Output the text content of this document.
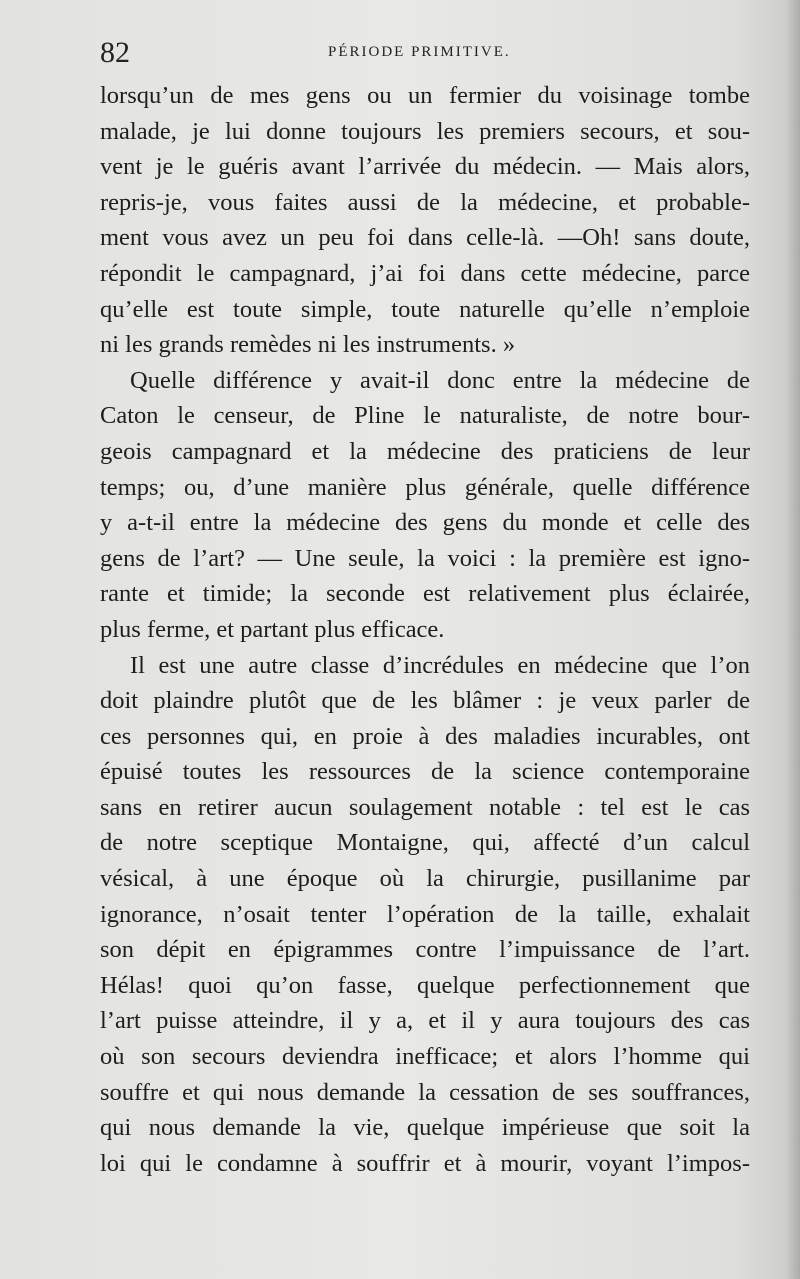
82	PÉRIODE PRIMITIVE.
lorsqu’un de mes gens ou un fermier du voisinage tombe
malade, je lui donne toujours les premiers secours, et sou-
vent je le guéris avant l’arrivée du médecin. — Mais alors,
repris-je, vous faites aussi de la médecine, et probable-
ment vous avez un peu foi dans celle-là. —Oh! sans doute,
répondit le campagnard, j’ai foi dans cette médecine, parce
qu’elle est toute simple, toute naturelle qu’elle n’emploie
ni les grands remèdes ni les instruments. »
Quelle différence y avait-il donc entre la médecine de
Caton le censeur, de Pline le naturaliste, de notre bour-
geois campagnard et la médecine des praticiens de leur
temps; ou, d’une manière plus générale, quelle différence
y a-t-il entre la médecine des gens du monde et celle des
gens de l’art? — Une seule, la voici : la première est igno-
rante et timide; la seconde est relativement plus éclairée,
plus ferme, et partant plus efficace.
Il est une autre classe d’incrédules en médecine que l’on
doit plaindre plutôt que de les blâmer : je veux parler de
ces personnes qui, en proie à des maladies incurables, ont
épuisé toutes les ressources de la science contemporaine
sans en retirer aucun soulagement notable : tel est le cas
de notre sceptique Montaigne, qui, affecté d’un calcul
vésical, à une époque où la chirurgie, pusillanime par
ignorance, n’osait tenter l’opération de la taille, exhalait
son dépit en épigrammes contre l’impuissance de l’art.
Hélas! quoi qu’on fasse, quelque perfectionnement que
l’art puisse atteindre, il y a, et il y aura toujours des cas
où son secours deviendra inefficace; et alors l’homme qui
souffre et qui nous demande la cessation de ses souffrances,
qui nous demande la vie, quelque impérieuse que soit la
loi qui le condamne à souffrir et à mourir, voyant l’impos-
